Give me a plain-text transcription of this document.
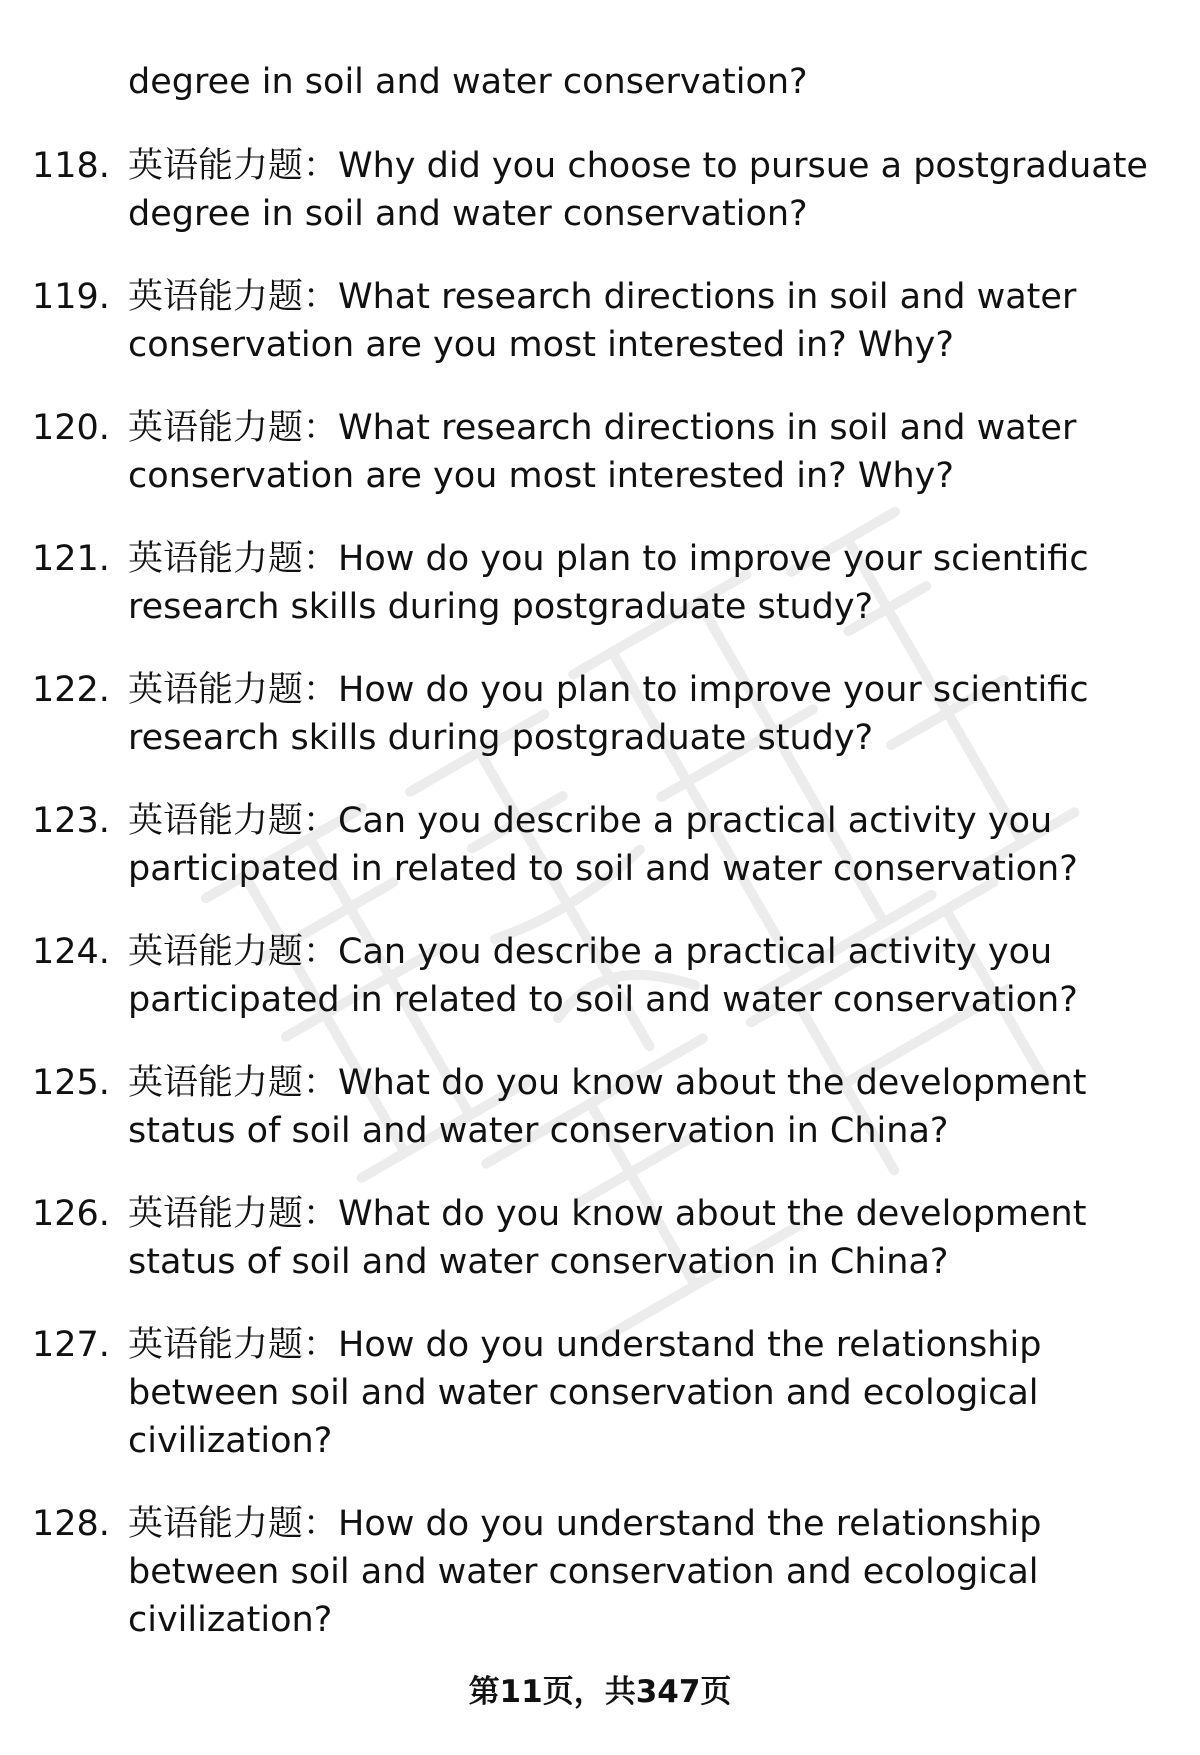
degree in soil and water conservation?
118. 英语能力题：Why did you choose to pursue a postgraduate degree in soil and water conservation?
119. 英语能力题：What research directions in soil and water conservation are you most interested in? Why?
120. 英语能力题：What research directions in soil and water conservation are you most interested in? Why?
121. 英语能力题：How do you plan to improve your scientific research skills during postgraduate study?
122. 英语能力题：How do you plan to improve your scientific research skills during postgraduate study?
123. 英语能力题：Can you describe a practical activity you participated in related to soil and water conservation?
124. 英语能力题：Can you describe a practical activity you participated in related to soil and water conservation?
125. 英语能力题：What do you know about the development status of soil and water conservation in China?
126. 英语能力题：What do you know about the development status of soil and water conservation in China?
127. 英语能力题：How do you understand the relationship between soil and water conservation and ecological civilization?
128. 英语能力题：How do you understand the relationship between soil and water conservation and ecological civilization?
第11页，共347页
